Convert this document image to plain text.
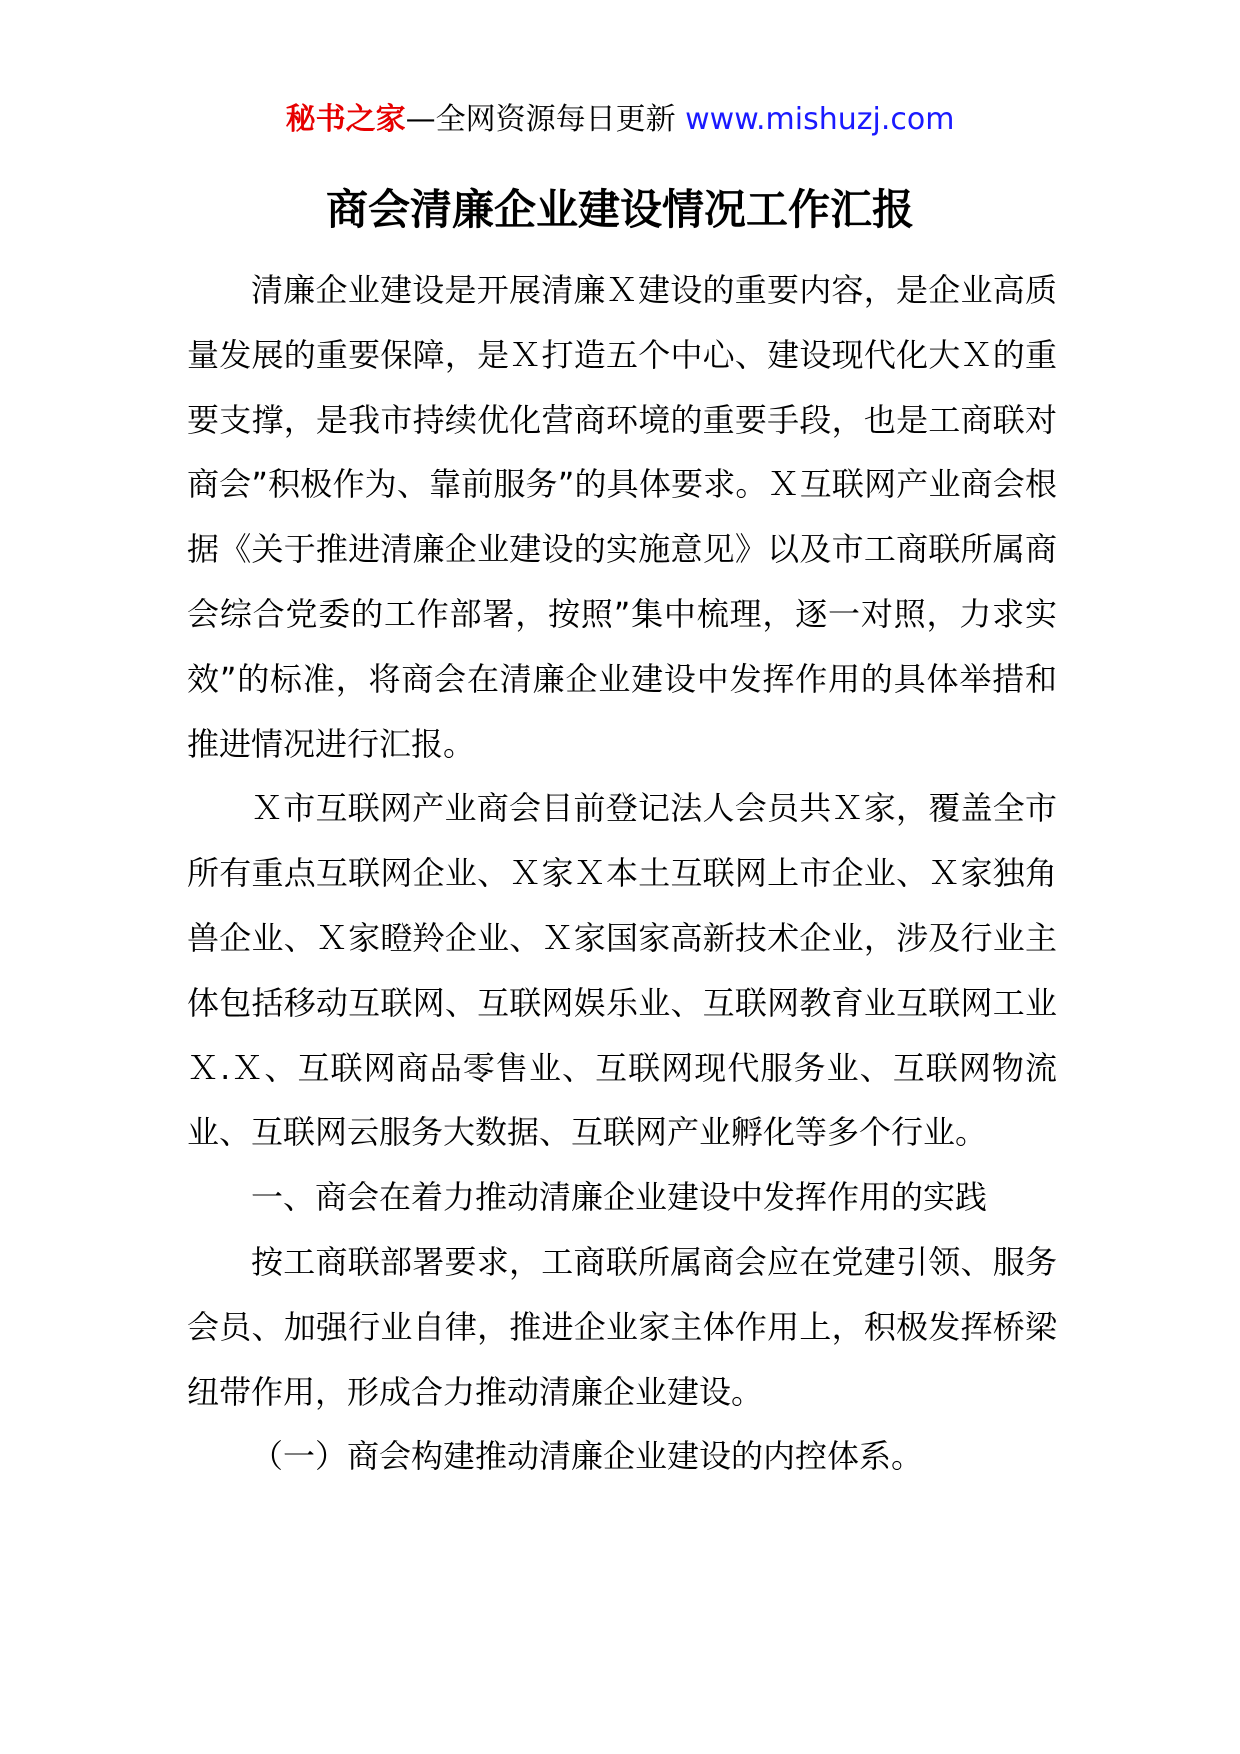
秘书之家—全网资源每日更新 www.mishuzj.com
商会清廉企业建设情况工作汇报

清廉企业建设是开展清廉Ｘ建设的重要内容，是企业高质量发展的重要保障，是Ｘ打造五个中心、建设现代化大Ｘ的重要支撑，是我市持续优化营商环境的重要手段，也是工商联对商会”积极作为、靠前服务”的具体要求。Ｘ互联网产业商会根据《关于推进清廉企业建设的实施意见》以及市工商联所属商会综合党委的工作部署，按照”集中梳理，逐一对照，力求实效”的标准，将商会在清廉企业建设中发挥作用的具体举措和推进情况进行汇报。

Ｘ市互联网产业商会目前登记法人会员共Ｘ家，覆盖全市所有重点互联网企业、Ｘ家Ｘ本土互联网上市企业、Ｘ家独角兽企业、Ｘ家瞪羚企业、Ｘ家国家高新技术企业，涉及行业主体包括移动互联网、互联网娱乐业、互联网教育业互联网工业Ｘ.Ｘ、互联网商品零售业、互联网现代服务业、互联网物流业、互联网云服务大数据、互联网产业孵化等多个行业。

一、商会在着力推动清廉企业建设中发挥作用的实践

按工商联部署要求，工商联所属商会应在党建引领、服务会员、加强行业自律，推进企业家主体作用上，积极发挥桥梁纽带作用，形成合力推动清廉企业建设。

（一）商会构建推动清廉企业建设的内控体系。
